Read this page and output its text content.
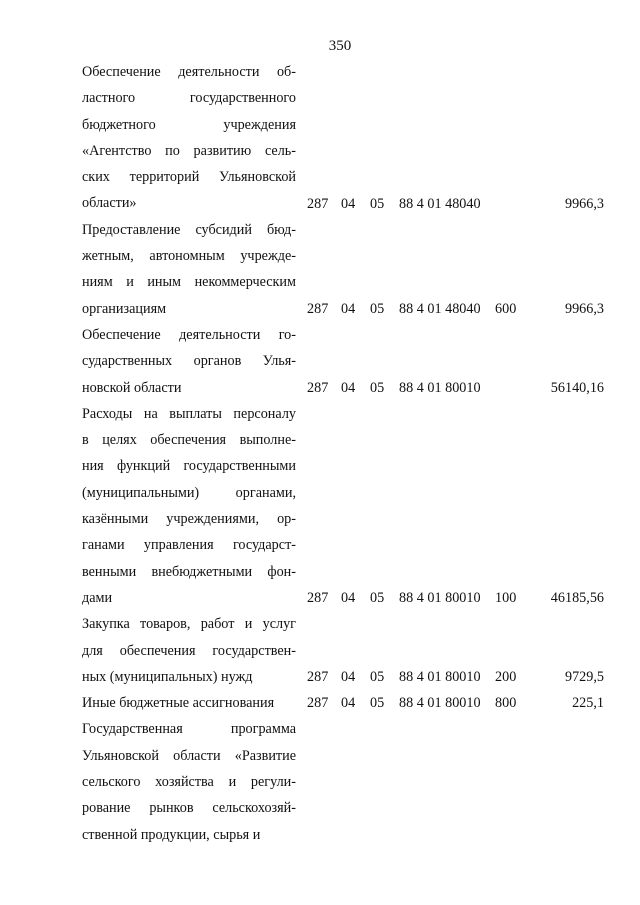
350
Обеспечение деятельности об-
ластного государственного
бюджетного учреждения
«Агентство по развитию сель-
ских территорий Ульяновской
области»	287 04 05 88 4 01 48040	9966,3
Предоставление субсидий бюд-
жетным, автономным учрежде-
ниям и иным некоммерческим
организациям	287 04 05 88 4 01 48040 600	9966,3
Обеспечение деятельности го-
сударственных органов Улья-
новской области	287 04 05 88 4 01 80010	56140,16
Расходы на выплаты персоналу
в целях обеспечения выполне-
ния функций государственными
(муниципальными) органами,
казёнными учреждениями, ор-
ганами управления государст-
венными внебюджетными фон-
дами	287 04 05 88 4 01 80010 100 46185,56
Закупка товаров, работ и услуг
для обеспечения государствен-
ных (муниципальных) нужд	287 04 05 88 4 01 80010 200	9729,5
Иные бюджетные ассигнования	287 04 05 88 4 01 80010 800	225,1
Государственная программа
Ульяновской области «Развитие
сельского хозяйства и регули-
рование рынков сельскохозяй-
ственной продукции, сырья и
